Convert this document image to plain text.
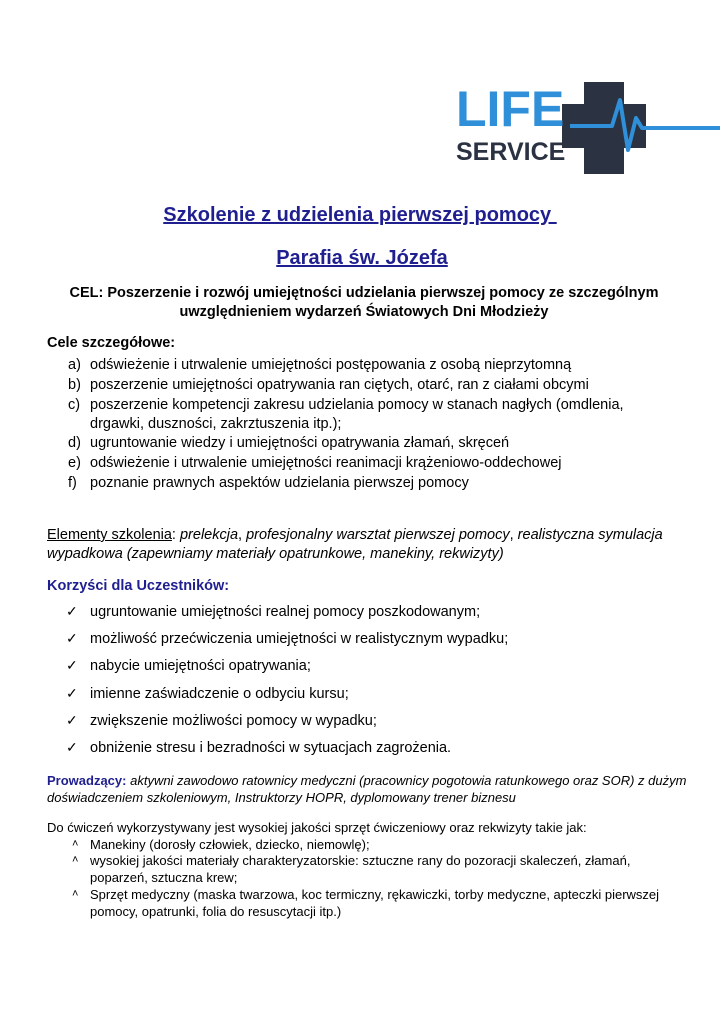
LIFE
SERVICE
Szkolenie z udzielenia pierwszej pomocy
Parafia św. Józefa
CEL: Poszerzenie i rozwój umiejętności udzielania pierwszej pomocy ze szczególnym uwzględnieniem wydarzeń Światowych Dni Młodzieży
Cele szczegółowe:
a) odświeżenie i utrwalenie umiejętności postępowania z osobą nieprzytomną
b) poszerzenie umiejętności opatrywania ran ciętych, otarć, ran z ciałami obcymi
c) poszerzenie kompetencji zakresu udzielania pomocy w stanach nagłych (omdlenia, drgawki, duszności, zakrztuszenia itp.);
d) ugruntowanie wiedzy i umiejętności opatrywania złamań, skręceń
e) odświeżenie i utrwalenie umiejętności reanimacji krążeniowo-oddechowej
f) poznanie prawnych aspektów udzielania pierwszej pomocy
Elementy szkolenia: prelekcja, profesjonalny warsztat pierwszej pomocy, realistyczna symulacja wypadkowa (zapewniamy materiały opatrunkowe, manekiny, rekwizyty)
Korzyści dla Uczestników:
✓ ugruntowanie umiejętności realnej pomocy poszkodowanym;
✓ możliwość przećwiczenia umiejętności w realistycznym wypadku;
✓ nabycie umiejętności opatrywania;
✓ imienne zaświadczenie o odbyciu kursu;
✓ zwiększenie możliwości pomocy w wypadku;
✓ obniżenie stresu i bezradności w sytuacjach zagrożenia.
Prowadzący: aktywni zawodowo ratownicy medyczni (pracownicy pogotowia ratunkowego oraz SOR) z dużym doświadczeniem szkoleniowym, Instruktorzy HOPR, dyplomowany trener biznesu
Do ćwiczeń wykorzystywany jest wysokiej jakości sprzęt ćwiczeniowy oraz rekwizyty takie jak:
˄ Manekiny (dorosły człowiek, dziecko, niemowlę);
˄ wysokiej jakości materiały charakteryzatorskie: sztuczne rany do pozoracji skaleczeń, złamań, poparzeń, sztuczna krew;
˄ Sprzęt medyczny (maska twarzowa, koc termiczny, rękawiczki, torby medyczne, apteczki pierwszej pomocy, opatrunki, folia do resuscytacji itp.)
